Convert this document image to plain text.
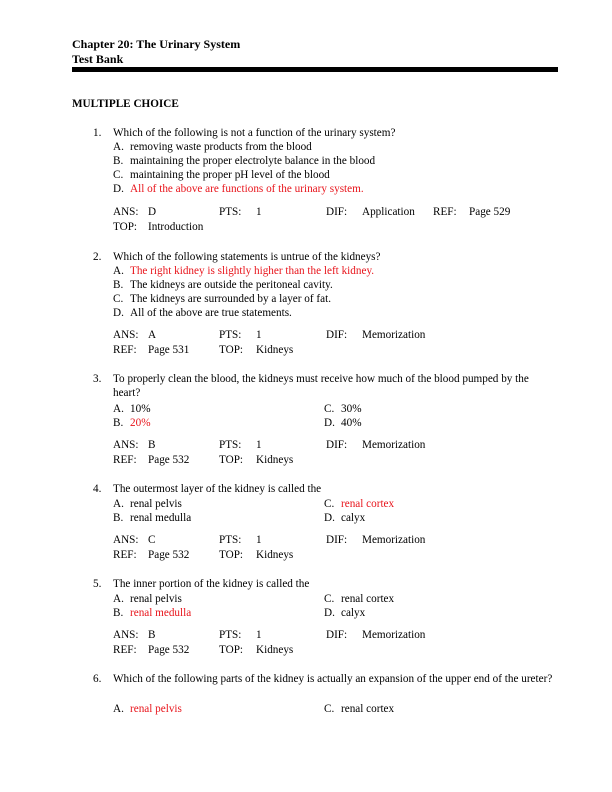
Chapter 20: The Urinary System
Test Bank
MULTIPLE CHOICE
1. Which of the following is not a function of the urinary system?
A. removing waste products from the blood
B. maintaining the proper electrolyte balance in the blood
C. maintaining the proper pH level of the blood
D. All of the above are functions of the urinary system.
ANS: D	PTS: 1	DIF: Application REF: Page 529
TOP: Introduction
2. Which of the following statements is untrue of the kidneys?
A. The right kidney is slightly higher than the left kidney.
B. The kidneys are outside the peritoneal cavity.
C. The kidneys are surrounded by a layer of fat.
D. All of the above are true statements.
ANS: A	PTS: 1	DIF: Memorization
REF: Page 531	TOP: Kidneys
3. To properly clean the blood, the kidneys must receive how much of the blood pumped by the heart?
A. 10%
B. 20%
C. 30%
D. 40%
ANS: B	PTS: 1	DIF: Memorization
REF: Page 532	TOP: Kidneys
4. The outermost layer of the kidney is called the
A. renal pelvis
B. renal medulla
C. renal cortex
D. calyx
ANS: C	PTS: 1	DIF: Memorization
REF: Page 532	TOP: Kidneys
5. The inner portion of the kidney is called the
A. renal pelvis
B. renal medulla
C. renal cortex
D. calyx
ANS: B	PTS: 1	DIF: Memorization
REF: Page 532	TOP: Kidneys
6. Which of the following parts of the kidney is actually an expansion of the upper end of the ureter?
A. renal pelvis	C. renal cortex
